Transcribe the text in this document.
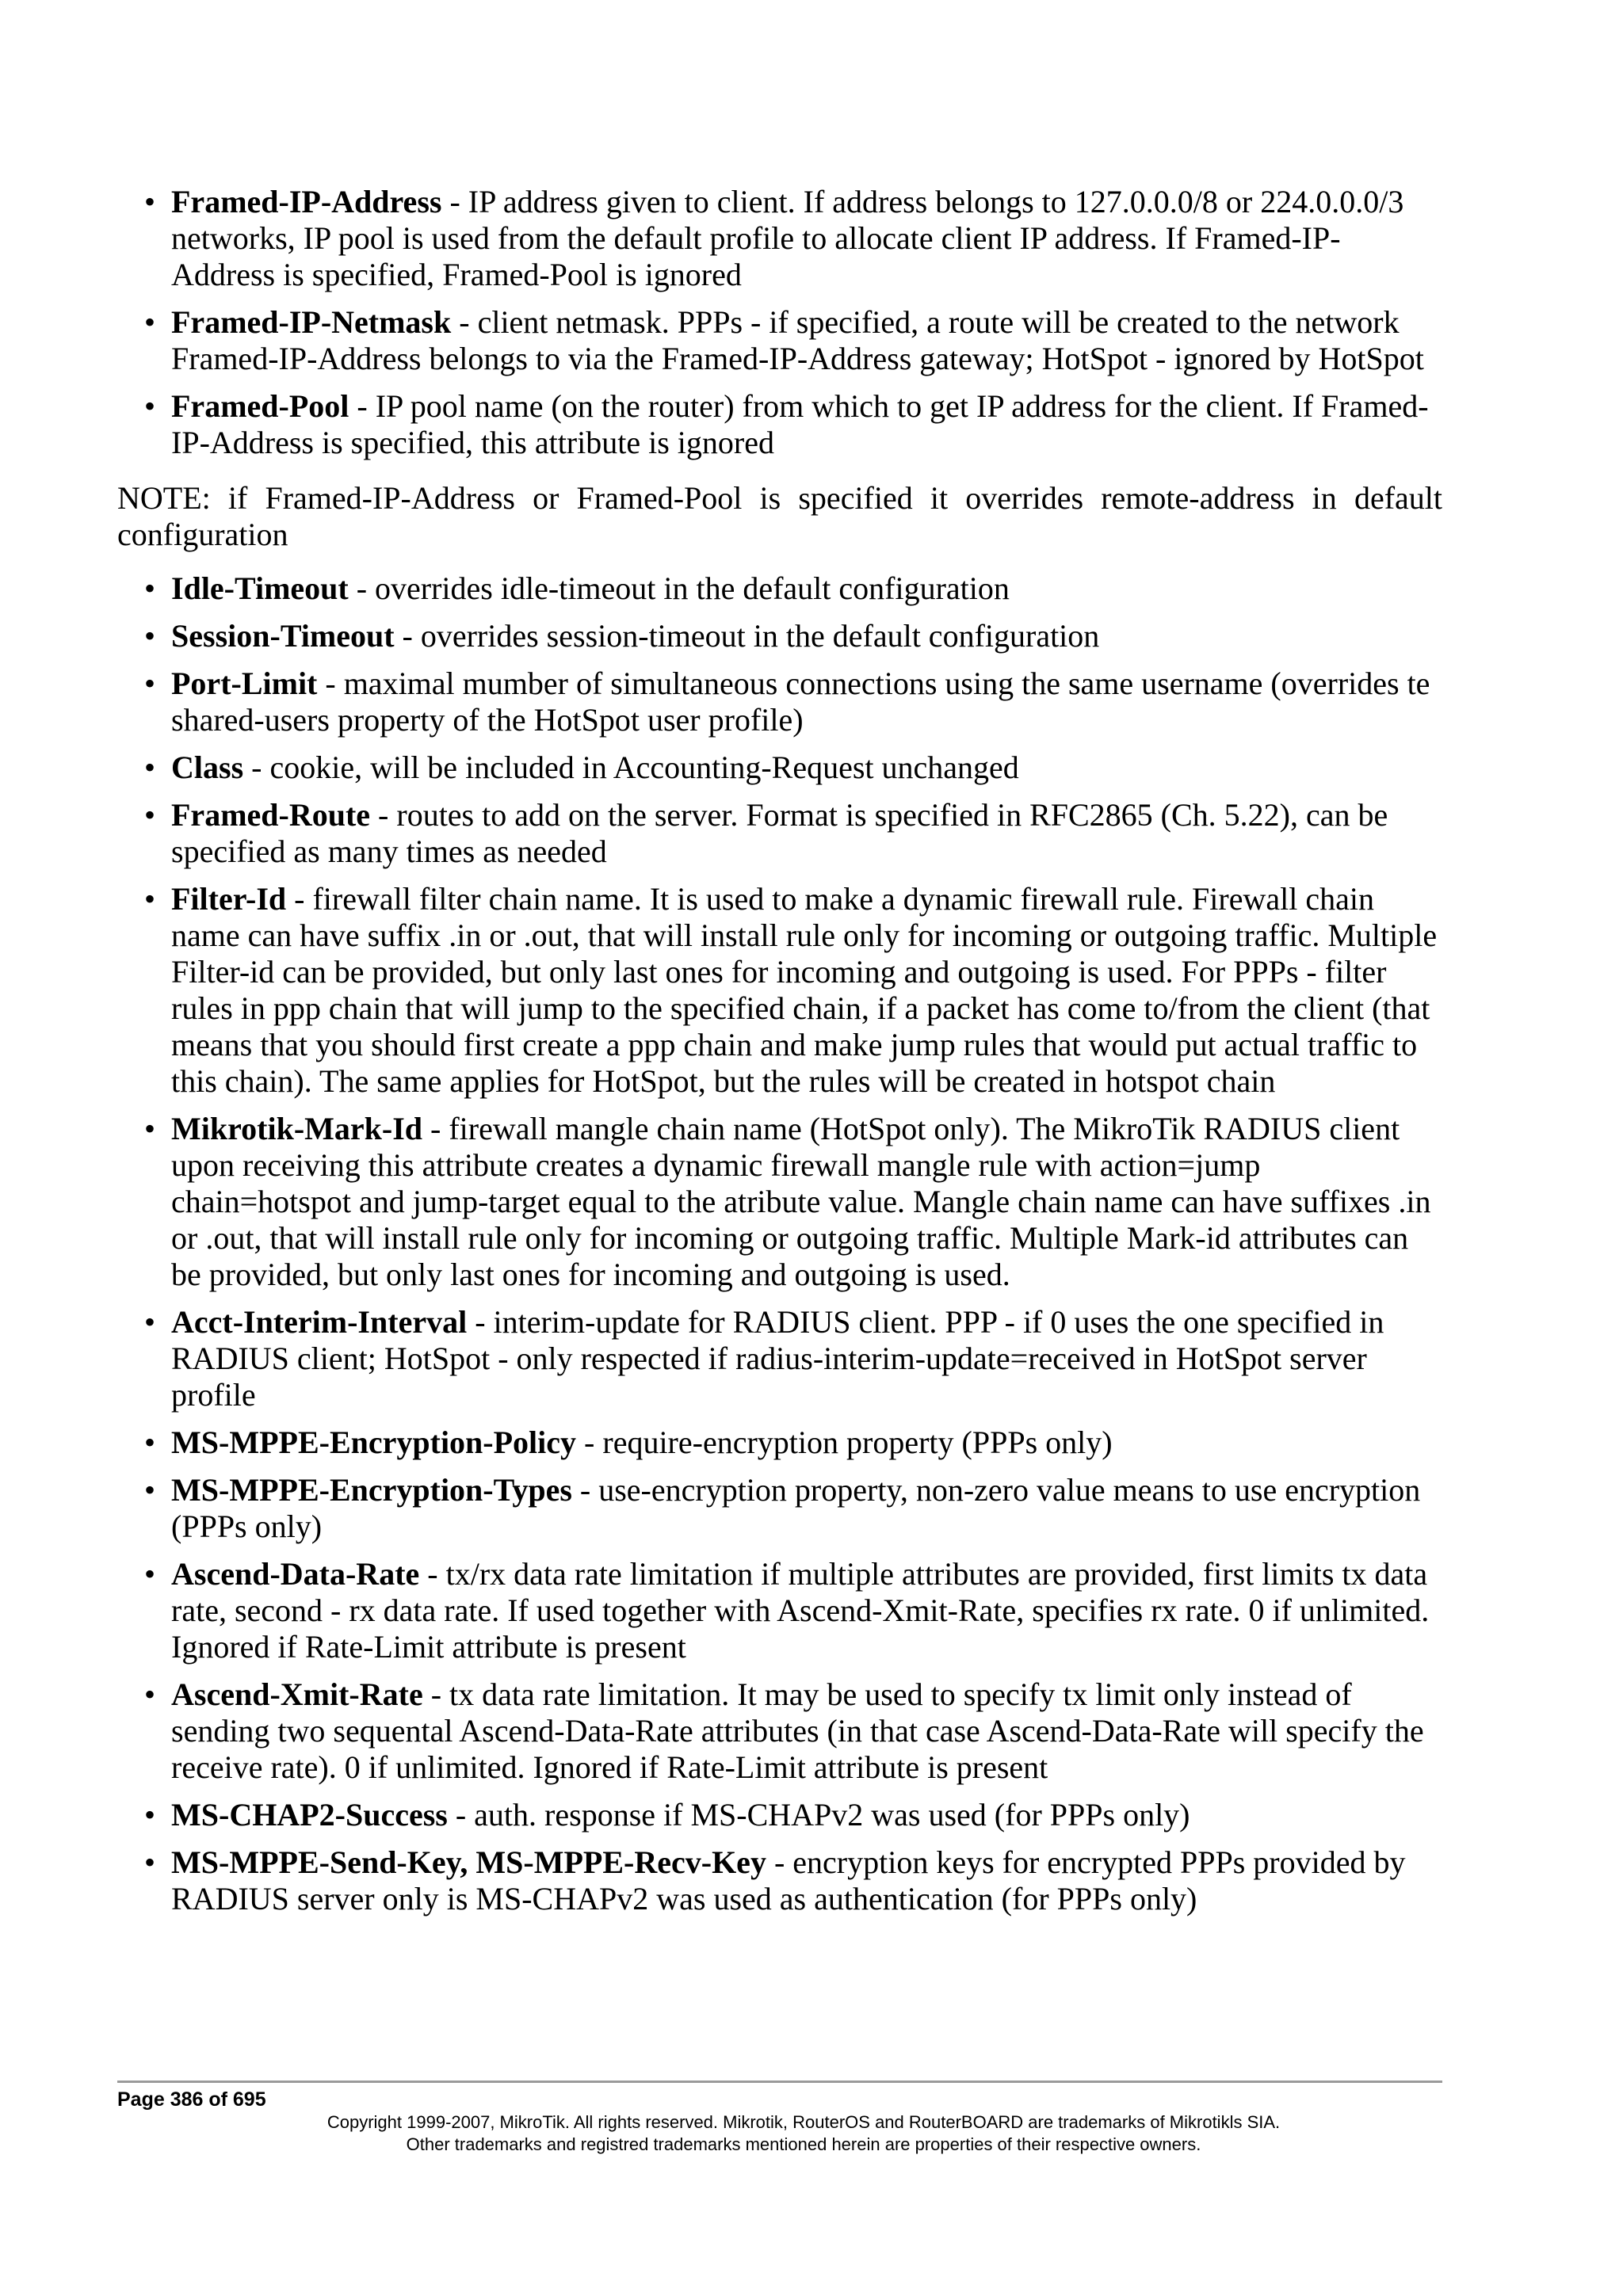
• Framed-IP-Address - IP address given to client. If address belongs to 127.0.0.0/8 or 224.0.0.0/3 networks, IP pool is used from the default profile to allocate client IP address. If Framed-IP-Address is specified, Framed-Pool is ignored
• Framed-IP-Netmask - client netmask. PPPs - if specified, a route will be created to the network Framed-IP-Address belongs to via the Framed-IP-Address gateway; HotSpot - ignored by HotSpot
• Framed-Pool - IP pool name (on the router) from which to get IP address for the client. If Framed-IP-Address is specified, this attribute is ignored

NOTE: if Framed-IP-Address or Framed-Pool is specified it overrides remote-address in default configuration

• Idle-Timeout - overrides idle-timeout in the default configuration
• Session-Timeout - overrides session-timeout in the default configuration
• Port-Limit - maximal mumber of simultaneous connections using the same username (overrides te shared-users property of the HotSpot user profile)
• Class - cookie, will be included in Accounting-Request unchanged
• Framed-Route - routes to add on the server. Format is specified in RFC2865 (Ch. 5.22), can be specified as many times as needed
• Filter-Id - firewall filter chain name. It is used to make a dynamic firewall rule. Firewall chain name can have suffix .in or .out, that will install rule only for incoming or outgoing traffic. Multiple Filter-id can be provided, but only last ones for incoming and outgoing is used. For PPPs - filter rules in ppp chain that will jump to the specified chain, if a packet has come to/from the client (that means that you should first create a ppp chain and make jump rules that would put actual traffic to this chain). The same applies for HotSpot, but the rules will be created in hotspot chain
• Mikrotik-Mark-Id - firewall mangle chain name (HotSpot only). The MikroTik RADIUS client upon receiving this attribute creates a dynamic firewall mangle rule with action=jump chain=hotspot and jump-target equal to the atribute value. Mangle chain name can have suffixes .in or .out, that will install rule only for incoming or outgoing traffic. Multiple Mark-id attributes can be provided, but only last ones for incoming and outgoing is used.
• Acct-Interim-Interval - interim-update for RADIUS client. PPP - if 0 uses the one specified in RADIUS client; HotSpot - only respected if radius-interim-update=received in HotSpot server profile
• MS-MPPE-Encryption-Policy - require-encryption property (PPPs only)
• MS-MPPE-Encryption-Types - use-encryption property, non-zero value means to use encryption (PPPs only)
• Ascend-Data-Rate - tx/rx data rate limitation if multiple attributes are provided, first limits tx data rate, second - rx data rate. If used together with Ascend-Xmit-Rate, specifies rx rate. 0 if unlimited. Ignored if Rate-Limit attribute is present
• Ascend-Xmit-Rate - tx data rate limitation. It may be used to specify tx limit only instead of sending two sequental Ascend-Data-Rate attributes (in that case Ascend-Data-Rate will specify the receive rate). 0 if unlimited. Ignored if Rate-Limit attribute is present
• MS-CHAP2-Success - auth. response if MS-CHAPv2 was used (for PPPs only)
• MS-MPPE-Send-Key, MS-MPPE-Recv-Key - encryption keys for encrypted PPPs provided by RADIUS server only is MS-CHAPv2 was used as authentication (for PPPs only)
Page 386 of 695
Copyright 1999-2007, MikroTik. All rights reserved. Mikrotik, RouterOS and RouterBOARD are trademarks of Mikrotikls SIA.
Other trademarks and registred trademarks mentioned herein are properties of their respective owners.
